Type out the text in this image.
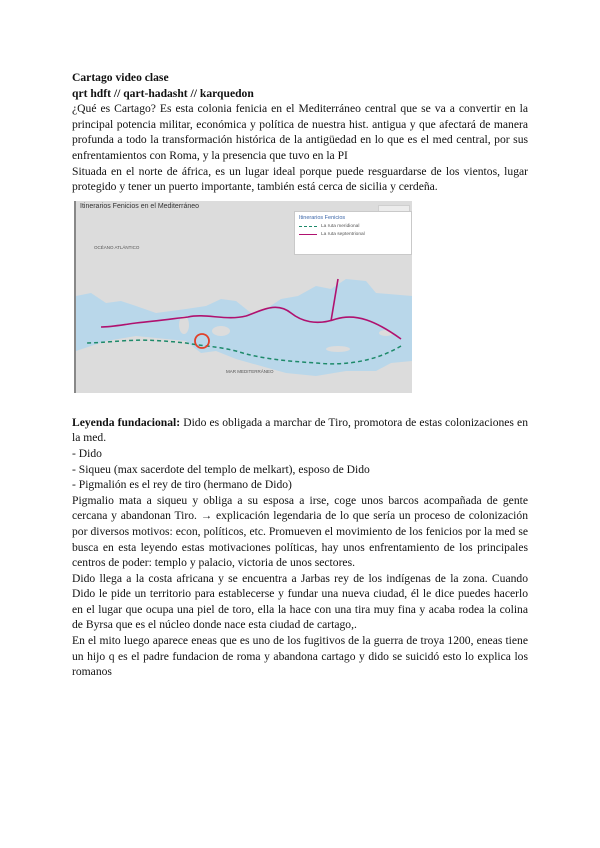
Cartago video clase

qrt hdft // qart-hadasht // karquedon

¿Qué es Cartago? Es esta colonia fenicia en el Mediterráneo central que se va a convertir en la principal potencia militar, económica y política de nuestra hist. antigua y que afectará de manera profunda a todo la transformación histórica de la antigüedad en lo que es el med central, por sus enfrentamientos con Roma, y la presencia que tuvo en la PI

Situada en el norte de áfrica, es un lugar ideal porque puede resguardarse de los vientos, lugar protegido y tener un puerto importante, también está cerca de sicilia y cerdeña.

Itinerarios Fenicios en el Mediterráneo
OCÉANO ATLÁNTICO
MAR MEDITERRÁNEO
Itinerarios Fenicios
La ruta meridional
La ruta septentrional

Leyenda fundacional: Dido es obligada a marchar de Tiro, promotora de estas colonizaciones en la med.

- Dido

- Siqueu (max sacerdote del templo de melkart), esposo de Dido

- Pigmalión es el rey de tiro (hermano de Dido)

Pigmalio mata a siqueu y obliga a su esposa a irse, coge unos barcos acompañada de gente cercana y abandonan Tiro. → explicación legendaria de lo que sería un proceso de colonización por diversos motivos: econ, políticos, etc. Promueven el movimiento de los fenicios por la med se busca en esta leyendo estas motivaciones políticas, hay unos enfrentamiento de los principales centros de poder: templo y palacio, victoria de unos sectores.

Dido llega a la costa africana y se encuentra a Jarbas rey de los indígenas de la zona. Cuando Dido le pide un territorio para establecerse y fundar una nueva ciudad, él le dice puedes hacerlo en el lugar que ocupa una piel de toro, ella la hace con una tira muy fina y acaba rodea la colina de Byrsa que es el núcleo donde nace esta ciudad de cartago,.

En el mito luego aparece eneas que es uno de los fugitivos de la guerra de troya 1200, eneas tiene un hijo q es el padre fundacion de roma y abandona cartago y dido se suicidó esto lo explica los romanos
